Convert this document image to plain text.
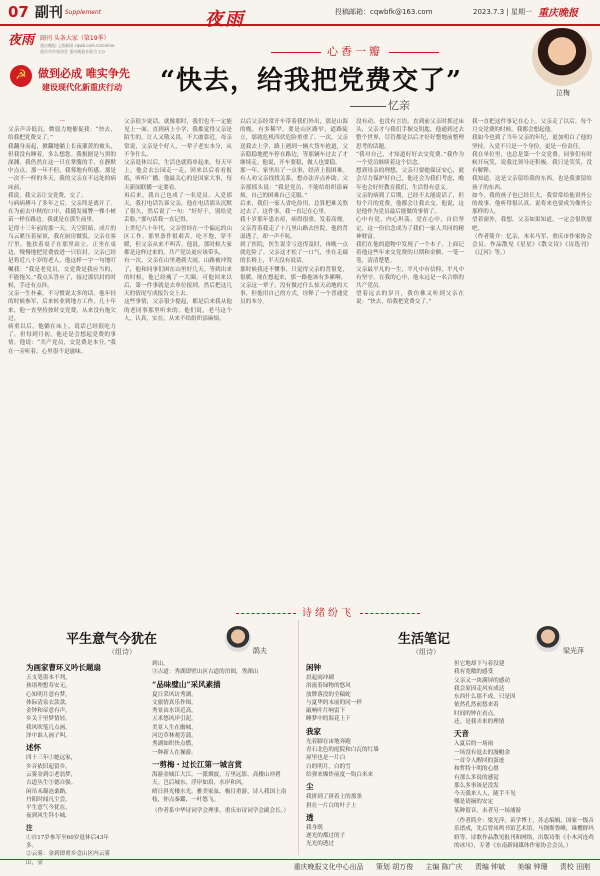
07 副刊 Supplement	夜雨	投稿邮箱：cqwbfk@163.com	2023.7.3 | 星期一 重庆晚报
夜雨 副刊 头条大家（第19季）
重庆晚报·上游新闻 cqwb.com.cn/online
重庆市作家协会 重庆晚报社联合主办
☭	做到必成 唯实争先
建设现代化新重庆行动
心香一瓣
“快去，给我把党费交了”
忆亲
泣梅

一

父亲声音低沉，微弱力地催促我：“快去，给我把党费交了。”

我翻身而起，掀翻地躺上长夜灌黄的被头，但我没有睡着，多么想您。我根据是与黑的深渊，我仍然在这一只在掌腹的手，在静默中点点。那一年不但，我蓦地有所感。那是一次不一样的冬天，我的父亲在不远处的病床前。

我说，我父亲让交党费，交了。

与病病搏斗了多年之后，父亲终是离开了。在为前去中秋的口中，我随发痛瞥一棵小树苗一样在路边。我就是在那生前里。

记得十三年前的那一天，天空阴暗，成片的乌云紧压着屋顶，我在厨房做饭。父亲在客厅里，他扶着桌子在那里站立。正坐在桌边，慢慢地把党费放进一只信封。父亲已经是将近八十岁的老人，他这样一字一句地叮嘱我：“我是老党员，交党费是我应当的，不能拖欠。”我点头答应了，接过那信封的时候，手还有点抖。

父亲一生朴素，不习惯说太多的话。他年轻的时候参军，后来转业到地方工作，几十年来，他一直坚持按时交党费，从来没有拖欠过。

病重以后，他躺在床上，说话已经很吃力了，但每到月初，他还是会想起党费的事情。他说：“共产党员，交党费是本分。”我在一旁听着，心里很不是滋味。

父亲很少说话，就像那时，我们也不一定能见上一面。直到病上小学，我都觉得父亲是陌生的，让人又敬又畏，不大敢靠近。母亲常说，父亲是个好人，一辈子老实本分，从不争什么。

父亲退休以后，生活也就简单起来。每天早上，他会去公园走一走，回来以后看看报纸，听听广播。他最关心的是国家大事，每天新闻联播一定要看。

再后来，我自己也成了一名党员。入党那天，我打电话告诉父亲，他在电话那头沉默了很久，然后说了一句：“好好干，别给党丢脸。”那句话我一直记得。

上世纪六十年代，父亲曾经在一个偏远的山区工作。那里条件很艰苦，吃不饱，穿不暖，但父亲从来不叫苦。他说，那时候大家都是这样过来的，共产党员更应该带头。

有一次，父亲在山里遇到大雨，山路被冲毁了，他和同事们困在山里好几天。等到出来的时候，他已经瘦了一大圈。可他回来以后，第一件事就是去单位报到，然后把这几天的情况写成报告交上去。

这些事情，父亲很少提起，都是后来我从他的老同事那里听来的。他们说，老马这个人，认真，实在，从来不给组织添麻烦。

以后父亲经常开车带着我们外出，那是山海的晚，有多稀罕。要是山区路窄，道路陡立，那就危机四伏危险重重了。一次，父亲送我去上学，路上遇到一辆大货车抢道，父亲稳稳地把车停在路边，等那辆车过去了才继续走。他说，开车要稳，做人也要稳。

那一年，家里出了一点事，经济上很困难。有人劝父亲找找关系，想办法弄点补助。父亲摇摇头说：“我是党员，不能给组织添麻烦，自己的困难自己克服。”

后来，我们一家人省吃俭用，总算把难关熬过去了。这件事，我一直记在心里。

我十岁那年患水痘，病得很重，发着高烧。父亲背着我走了十几里山路去医院，他的背湿透了，却一声不吭。

到了医院，医生说幸亏送得及时，再晚一点就危险了。父亲这才松了一口气，坐在走廊的长椅上，半天没有说话。

那时候我还不懂事，只觉得父亲的背很宽，很暖。现在想起来，那一路他该有多累啊。

父亲这一辈子，没有做过什么惊天动地的大事，但他用自己的方式，诠释了一个普通党员的本分。

没有动，也没有言语。直到前父亲时抓过床头，父亲才与我们手握交钥匙，他通到过去整个世界，尽管都是以后才好好整地前整理思考的话题。

“我对自己，才知道好好去交党费。”我作为一个党员继续着这个信念。

想到母亲的理想，父亲只要她保证安心，就会尽力保护好自己，他还会为我们考虑，晚年也会好好教育我们，生活得有意义。

父亲的病到了后期，已经不太能说话了，但每个月的党费，他都会让我去交。他说，这是他作为党员最后能做的事情了。

心中有党，内心坦荡。党在心中，自信坚定，这一份信念成为了我们一家人共同的精神财富。

我们在他的遗物中发现了一个本子，上面记着他这些年来交党费的日期和金额，一笔一笔，清清楚楚。

父亲最平凡的一生，平凡中有信仰，平凡中有坚守。在我的心中，他永远是一名合格的共产党员。

望着远去的岁月，我仿佛又听到父亲在说：“快去，给我把党费交了。”

我一直把这件事记在心上。父亲走了以后，每个月交党费的时候，我都会想起他。

我如今也到了当年父亲的年纪，更加明白了他的坚持。入党不只是一个身份，更是一份责任。

我在单位里，也总是第一个交党费。同事们有时候开玩笑，说我比领导还积极。我只是笑笑，没有解释。

我知道，这是父亲留给我的东西，也是我要留给孩子的东西。

如今，我的孩子也已经长大，我常常给他讲外公的故事。他听得很认真，说将来也要成为像外公那样的人。

望着窗外，我想，父亲如果知道，一定会很欣慰吧。

（作者简介：忆亲，本名马军，重庆市作家协会会员。作品散见《星星》《散文诗》《诗选刊》《辽河》等。）

诗绪纷飞
平生意气今犹在
（组诗）	鹃夫
为画家曹环义吟长题扇
五支笔墨本不判，
孩诸理想寿安无。
心知明月意有梦，
体际清泉衣款款。
金钟和帝意有声，
乡关千里梦情轻。
我风吹笔几点画，
泽中谁人画子叫。
述怀
四十三年①她远家，
乡音依旧起留乡。
云雾金到②老翁梦，
古道丛生③德自强。
闲吊未凝沧桑路，
丹阳时闻凡尘尝。
平生意气今犹在，
夜到风生拜小城。
注
①自17岁参军至60岁退休后43年多。
②云雾：金到即重乡壹山区内云雾山，金
到山。
③古道：秀湖即壁山区古道的泊图，秀湖山
“品味璧山”采风素描
夏日采风访秀湖，
文旅情真乐作图。
秀景由水读近高，
五米悠风岸引泥。
美景人生在幽城，
河边草林观芳蒲。
秀湖如织快点燃，
一种新人在操游。
一剪梅・过长江第一城言赏
海游金城江大江。一派烟波，万里远影，高楼山冲碧天。岂后城东，浮岸如眉，水岸和风。
晴日斜光楼水光。雅美家弦，极目重游，诗人我国上南枝，你点秦鑑，一叶悠飞。
（作者系中华诗词学会理事，重庆市诗词学会副会长。）
生活笔记
（组诗）	梁光萍
闲钟
晨起雨冲刷
浴流着绿物的悠风
放牌落没的全稿蛇
与夏华的末前的同一样
敲响叶片响雷下
睡梦中的海花上下
我家
光着脚在宙地奔跑
青石北色的庭院和白瓦的红墙
屋里也是一片白
白的明月，白的雪
给弹来爆炸前度一钩白米来
尘
我拼到了拼着土的那条
拼在一片白的叶子上
透
我身既
逐光的都过的子
光光的透过
但它地却下与着没建
我有宽敞的感受
父亲又一块满屏的感动
我会原因走风有成达
东西什么那不成，只是因
依然孔然前悠来着
时间的钟在看点，
还，是我弄来的理情
天音
入夏后的一场雨
一场没有退去的漫帽余
一首令人醒回的蛋迹
和哲特十明的心愿
有那么多说的感觉
那么多事该是没发
今天我来人人，随手不见
哪是请摘的安定
某种留音，未者另一场浦游
（作者简介：梁光萍，苗学博士，苏志编辑，国家一级音乐谱成，先后曾凤鸣书馆艺术馆，马钢斯鲁峰，珠樱群玛娇等。诗歌作品散见报刊和网络，出版诗集《小木河连鸡的冰川》，专著《东南新闻媒体作家协会会员。）
重庆晚报文化中心出品 策划 胡万俊 主编 陈广庆 责编 钟斌 美编 钟珊 责校 田刚
